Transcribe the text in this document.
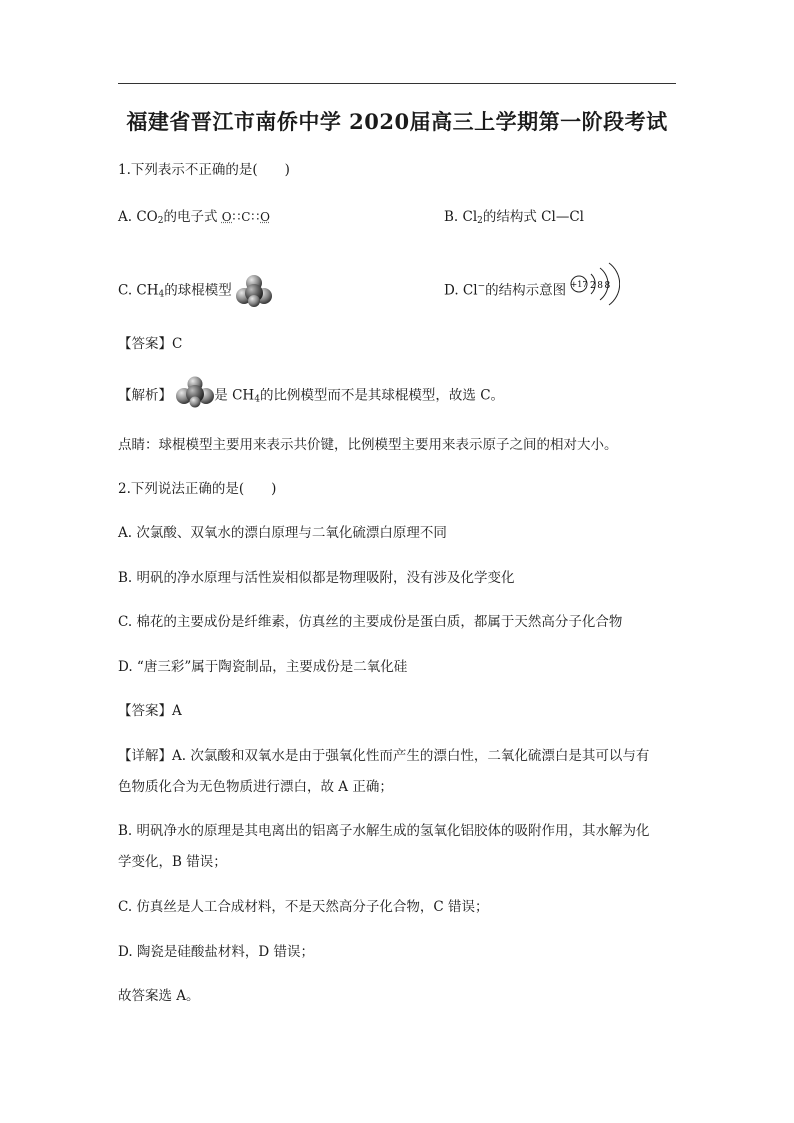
福建省晋江市南侨中学 2020届高三上学期第一阶段考试
1.下列表示不正确的是(　　)
A. $CO_2$的电子式 O∷C∷O	B. $Cl_2$的结构式 Cl—Cl
C. $CH_4$的球棍模型	D. Cl−的结构示意图 +17 288
【答案】C
【解析】	是 $CH_4$的比例模型而不是其球棍模型，故选 C。
点睛：球棍模型主要用来表示共价键，比例模型主要用来表示原子之间的相对大小。
2.下列说法正确的是(　　)
A. 次氯酸、双氧水的漂白原理与二氧化硫漂白原理不同
B. 明矾的净水原理与活性炭相似都是物理吸附，没有涉及化学变化
C. 棉花的主要成份是纤维素，仿真丝的主要成份是蛋白质，都属于天然高分子化合物
D. “唐三彩”属于陶瓷制品，主要成份是二氧化硅
【答案】A
【详解】A. 次氯酸和双氧水是由于强氧化性而产生的漂白性，二氧化硫漂白是其可以与有
色物质化合为无色物质进行漂白，故 A 正确；
B. 明矾净水的原理是其电离出的铝离子水解生成的氢氧化铝胶体的吸附作用，其水解为化
学变化，B 错误；
C. 仿真丝是人工合成材料，不是天然高分子化合物，C 错误；
D. 陶瓷是硅酸盐材料，D 错误；
故答案选 A。
